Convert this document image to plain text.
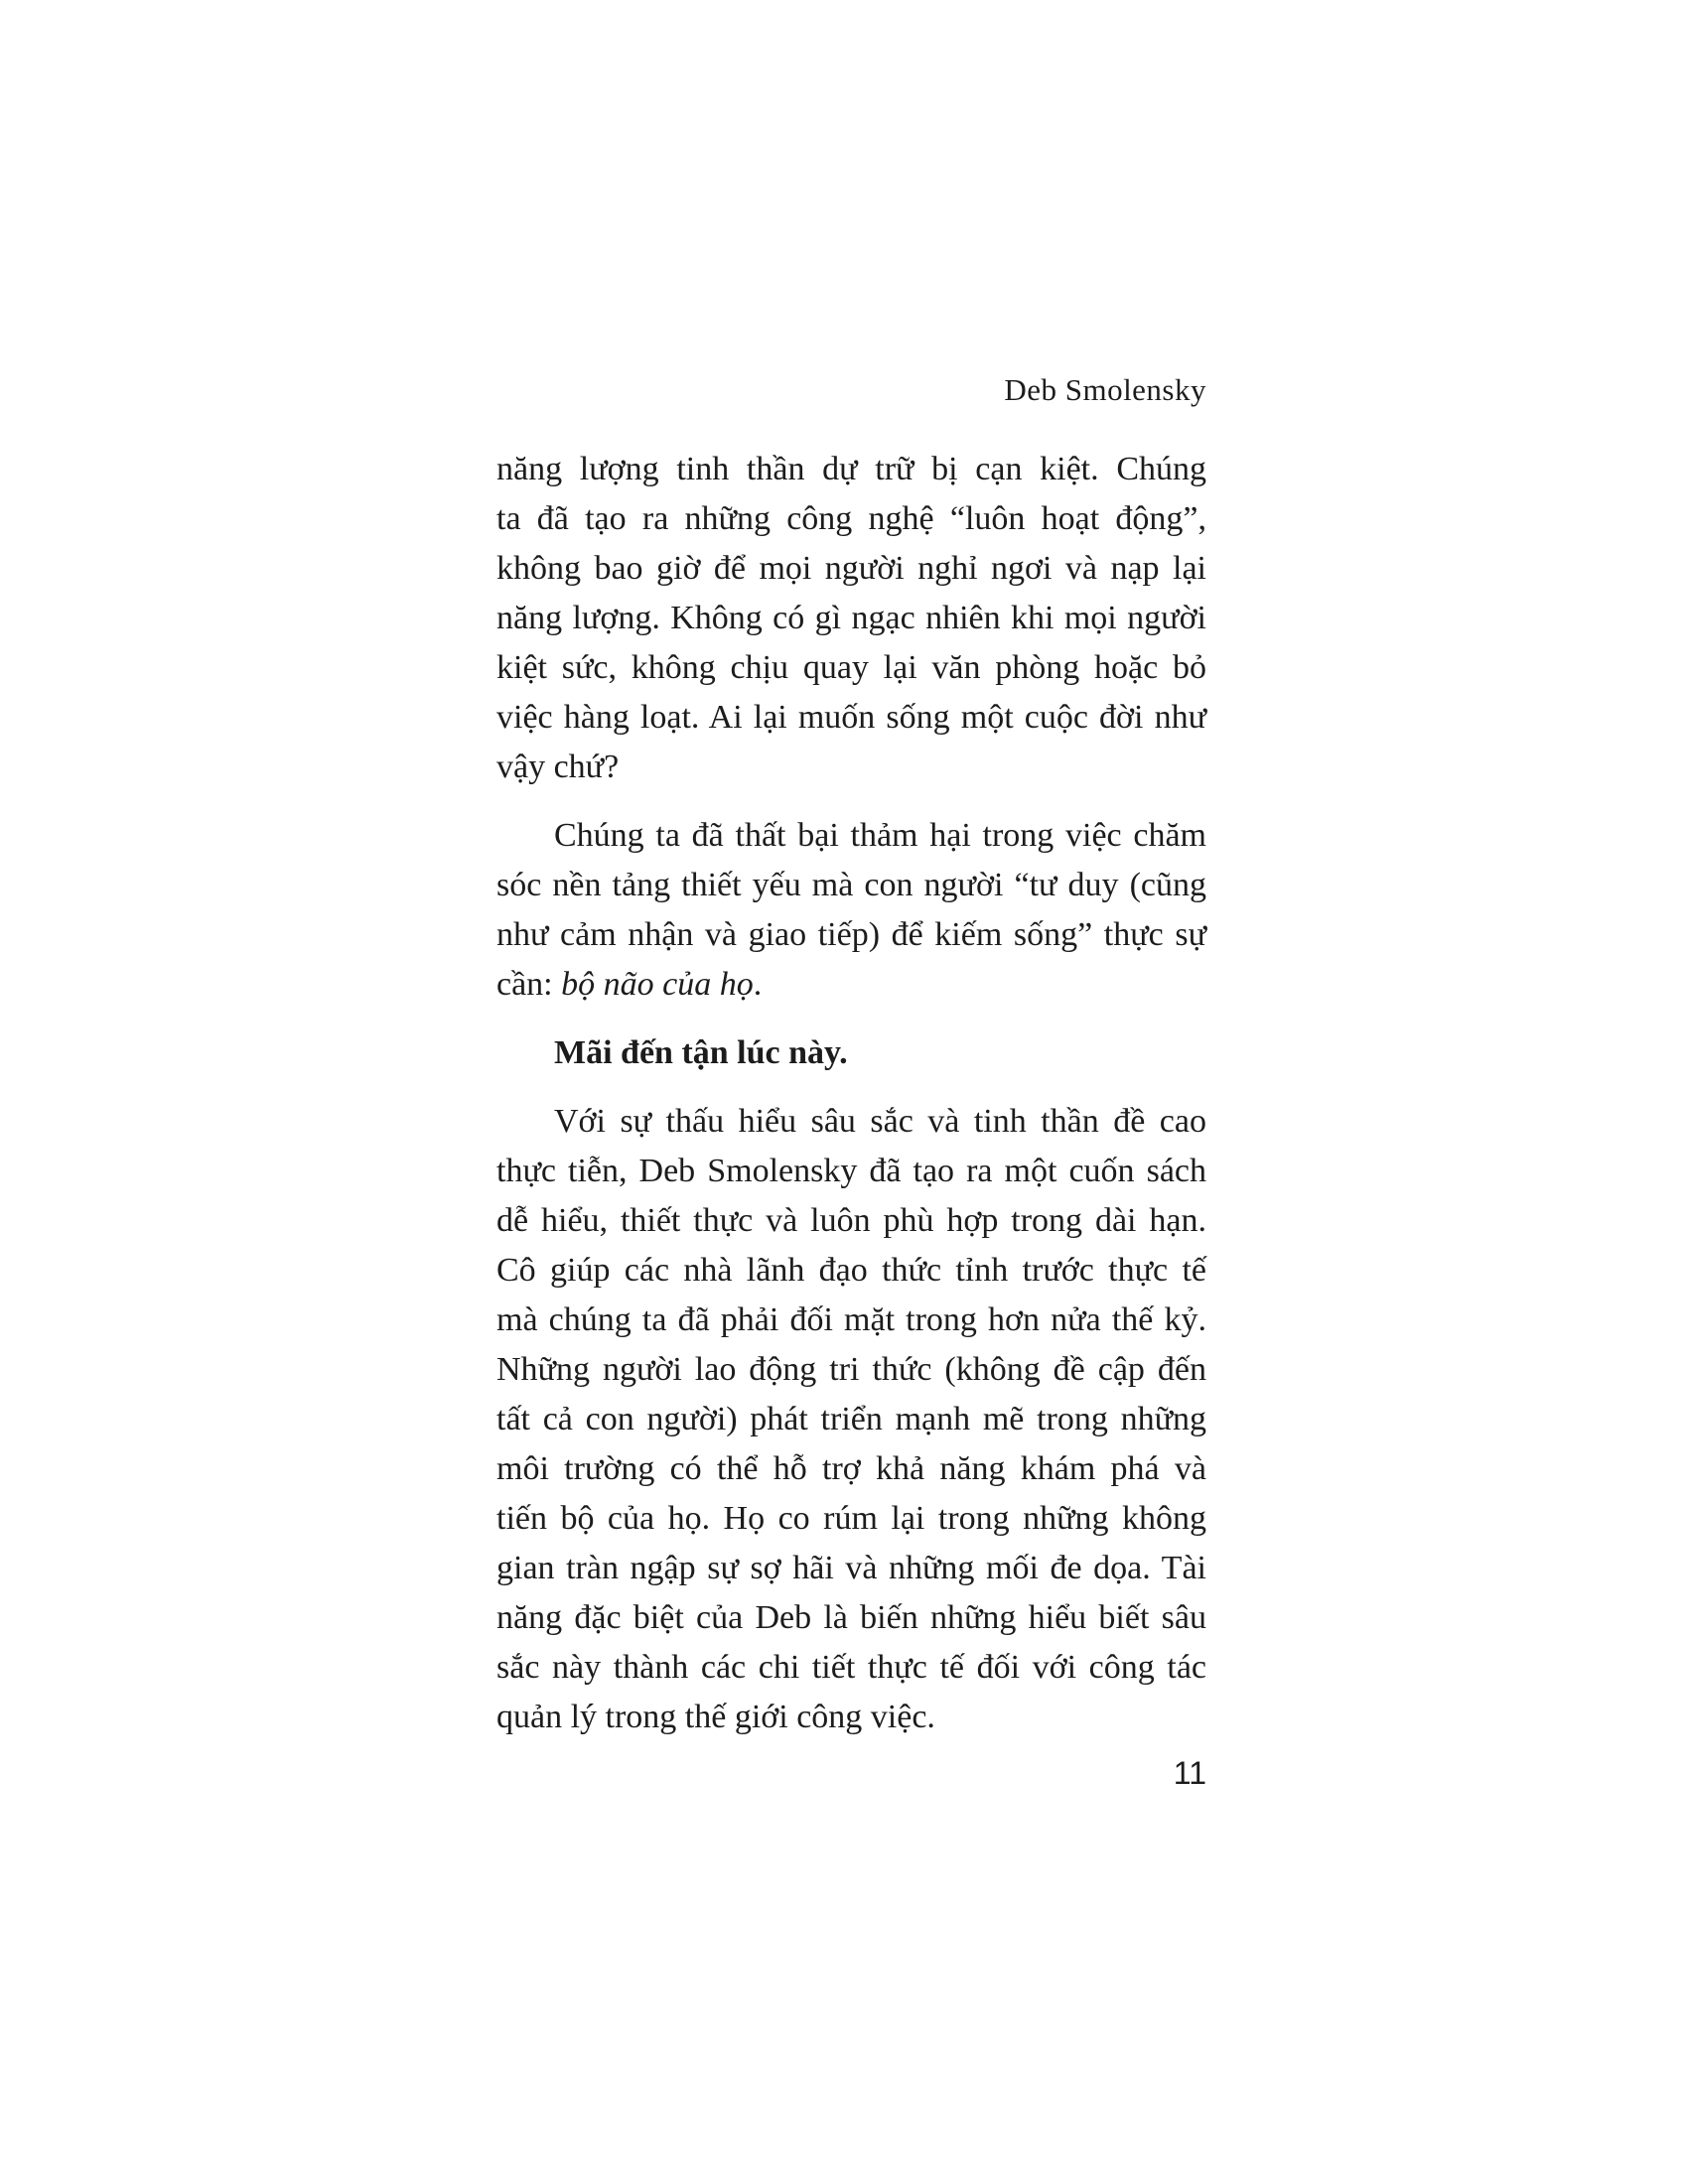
Deb Smolensky
năng lượng tinh thần dự trữ bị cạn kiệt. Chúng
ta đã tạo ra những công nghệ “luôn hoạt động”,
không bao giờ để mọi người nghỉ ngơi và nạp lại
năng lượng. Không có gì ngạc nhiên khi mọi người
kiệt sức, không chịu quay lại văn phòng hoặc bỏ
việc hàng loạt. Ai lại muốn sống một cuộc đời như
vậy chứ?
Chúng ta đã thất bại thảm hại trong việc chăm
sóc nền tảng thiết yếu mà con người “tư duy (cũng
như cảm nhận và giao tiếp) để kiếm sống” thực sự
cần: bộ não của họ.
Mãi đến tận lúc này.
Với sự thấu hiểu sâu sắc và tinh thần đề cao
thực tiễn, Deb Smolensky đã tạo ra một cuốn sách
dễ hiểu, thiết thực và luôn phù hợp trong dài hạn.
Cô giúp các nhà lãnh đạo thức tỉnh trước thực tế
mà chúng ta đã phải đối mặt trong hơn nửa thế kỷ.
Những người lao động tri thức (không đề cập đến
tất cả con người) phát triển mạnh mẽ trong những
môi trường có thể hỗ trợ khả năng khám phá và
tiến bộ của họ. Họ co rúm lại trong những không
gian tràn ngập sự sợ hãi và những mối đe dọa. Tài
năng đặc biệt của Deb là biến những hiểu biết sâu
sắc này thành các chi tiết thực tế đối với công tác
quản lý trong thế giới công việc.
11
